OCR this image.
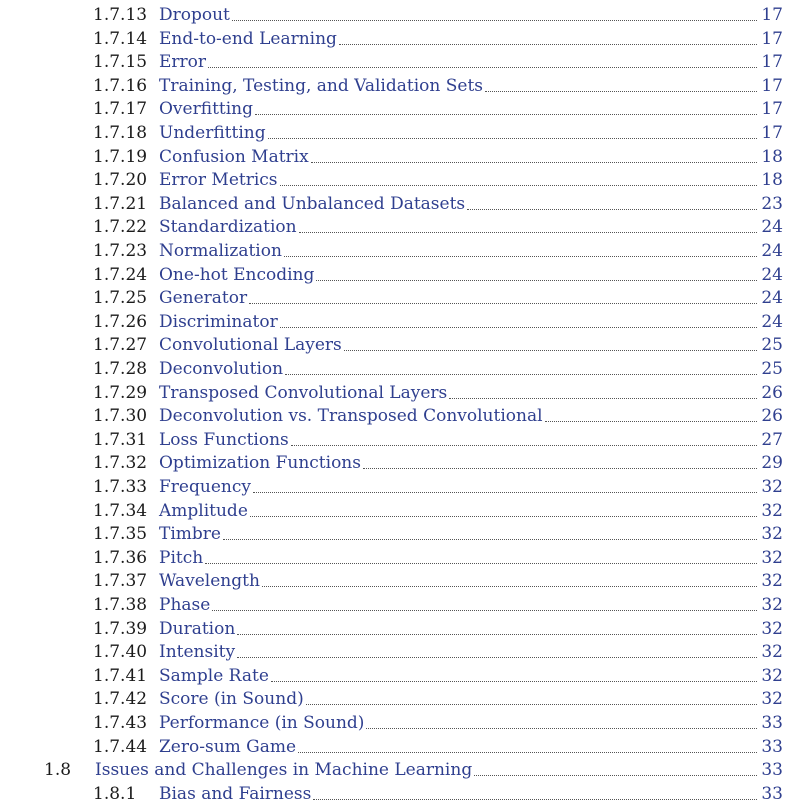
1.7.13 Dropout	17
1.7.14 End-to-end Learning	17
1.7.15 Error	17
1.7.16 Training, Testing, and Validation Sets	17
1.7.17 Overfitting	17
1.7.18 Underfitting	17
1.7.19 Confusion Matrix	18
1.7.20 Error Metrics	18
1.7.21 Balanced and Unbalanced Datasets	23
1.7.22 Standardization	24
1.7.23 Normalization	24
1.7.24 One-hot Encoding	24
1.7.25 Generator	24
1.7.26 Discriminator	24
1.7.27 Convolutional Layers	25
1.7.28 Deconvolution	25
1.7.29 Transposed Convolutional Layers	26
1.7.30 Deconvolution vs. Transposed Convolutional	26
1.7.31 Loss Functions	27
1.7.32 Optimization Functions	29
1.7.33 Frequency	32
1.7.34 Amplitude	32
1.7.35 Timbre	32
1.7.36 Pitch	32
1.7.37 Wavelength	32
1.7.38 Phase	32
1.7.39 Duration	32
1.7.40 Intensity	32
1.7.41 Sample Rate	32
1.7.42 Score (in Sound)	32
1.7.43 Performance (in Sound)	33
1.7.44 Zero-sum Game	33
1.8	Issues and Challenges in Machine Learning	33
1.8.1	Bias and Fairness	33
